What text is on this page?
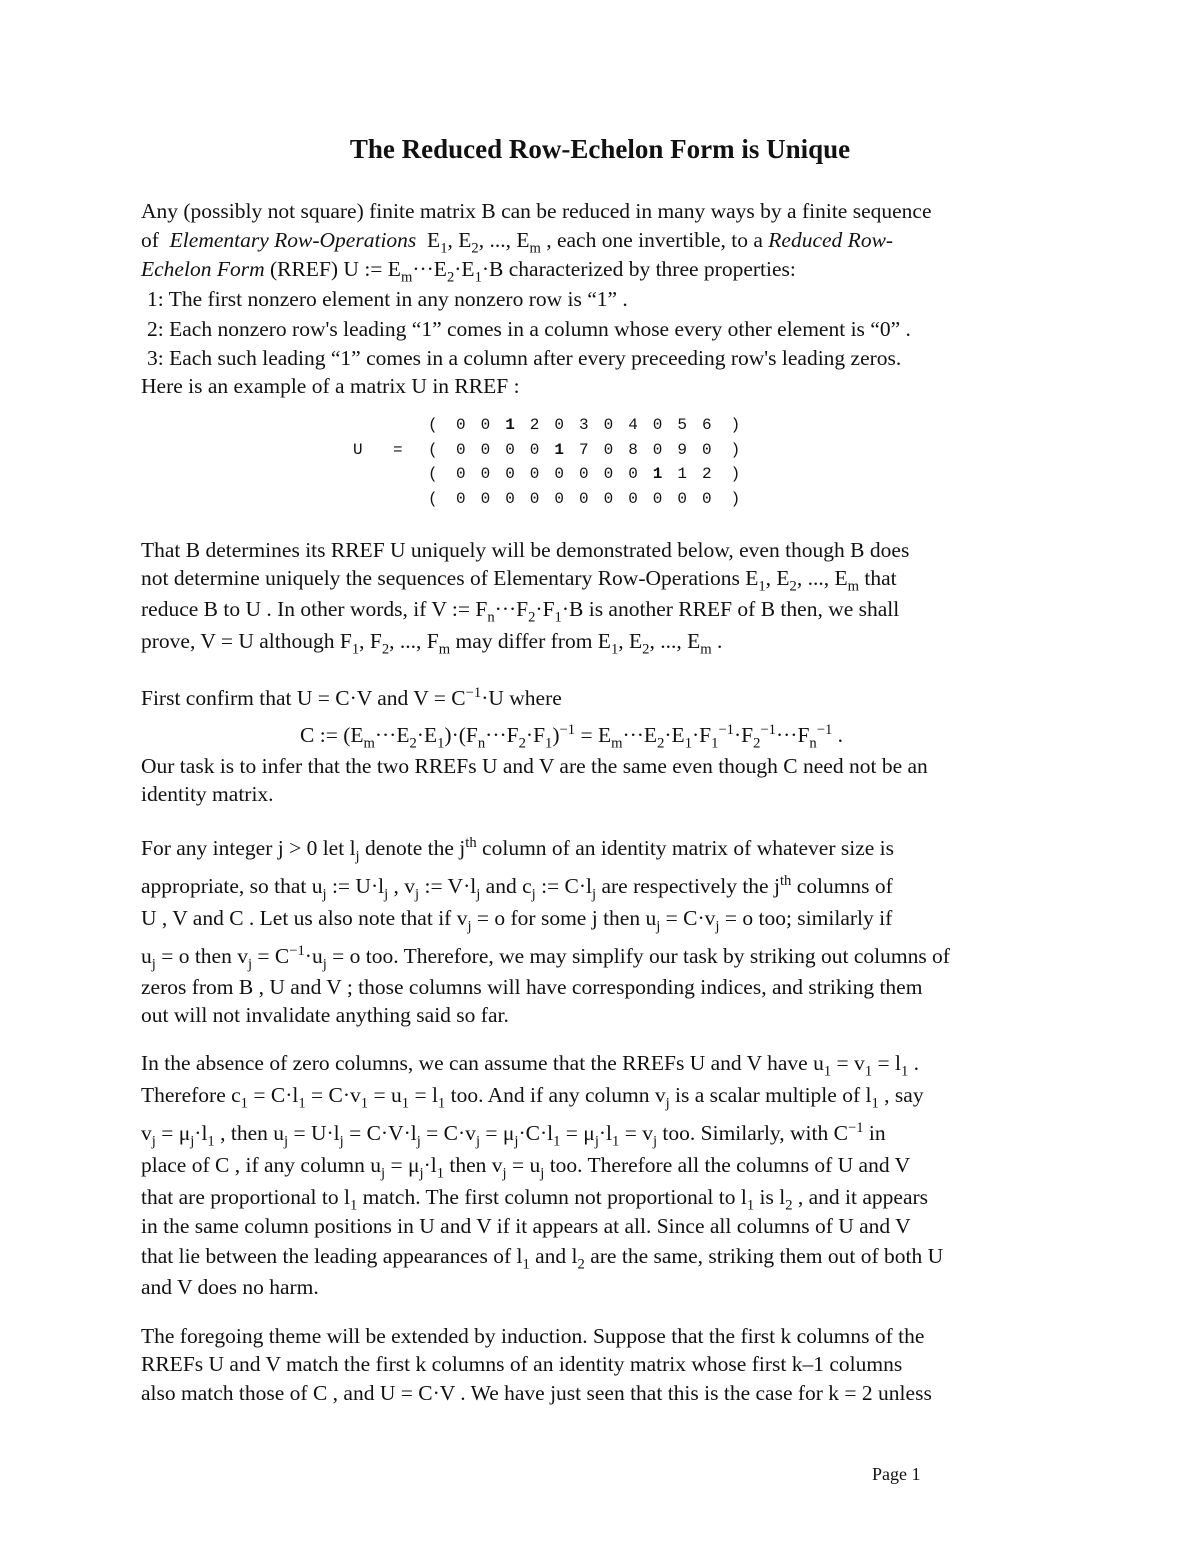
The Reduced Row-Echelon Form is Unique
Any (possibly not square) finite matrix B can be reduced in many ways by a finite sequence
of Elementary Row-Operations $E_1$, $E_2$, ..., $E_m$ , each one invertible, to a Reduced Row-
Echelon Form (RREF) U := $E_m\cdot\cdot\cdot E_2\cdot E_1\cdot B$ characterized by three properties:
1: The first nonzero element in any nonzero row is “1” .
2: Each nonzero row's leading “1” comes in a column whose every other element is “0” .
3: Each such leading “1” comes in a column after every preceeding row's leading zeros.
Here is an example of a matrix U in RREF :
U =
( 0 0 1 2 0 3 0 4 0 5 6 )
( 0 0 0 0 1 7 0 8 0 9 0 )
( 0 0 0 0 0 0 0 0 1 1 2 )
( 0 0 0 0 0 0 0 0 0 0 0 )
That B determines its RREF U uniquely will be demonstrated below, even though B does
not determine uniquely the sequences of Elementary Row-Operations $E_1$, $E_2$, ..., $E_m$ that
reduce B to U . In other words, if V := $F_n\cdot\cdot\cdot F_2\cdot F_1\cdot B$ is another RREF of B then, we shall
prove, V = U although $F_1$, $F_2$, ..., $F_m$ may differ from $E_1$, $E_2$, ..., $E_m$ .
First confirm that U = C·V and $V = C^{-1}\cdot U$ where
C := $(E_m\cdot\cdot\cdot E_2\cdot E_1)\cdot(F_n\cdot\cdot\cdot F_2\cdot F_1)^{-1} = E_m\cdot\cdot\cdot E_2\cdot E_1\cdot F_1^{-1}\cdot F_2^{-1}\cdot\cdot\cdot F_n^{-1}$ .
Our task is to infer that the two RREFs U and V are the same even though C need not be an
identity matrix.
For any integer j > 0 let $l_j$ denote the $j^{th}$ column of an identity matrix of whatever size is
appropriate, so that $u_j$ := $U\cdot l_j$ , $v_j$ := $V\cdot l_j$ and $c_j$ := $C\cdot l_j$ are respectively the $j^{th}$ columns of
U , V and C . Let us also note that if $v_j = o$ for some j then $u_j = C\cdot v_j = o$ too; similarly if
$u_j = o$ then $v_j = C^{-1}\cdot u_j = o$ too. Therefore, we may simplify our task by striking out columns of
zeros from B , U and V ; those columns will have corresponding indices, and striking them
out will not invalidate anything said so far.
In the absence of zero columns, we can assume that the RREFs U and V have $u_1 = v_1 = l_1$ .
Therefore $c_1 = C\cdot l_1 = C\cdot v_1 = u_1 = l_1$ too. And if any column $v_j$ is a scalar multiple of $l_1$ , say
$v_j = \mu_j\cdot l_1$ , then $u_j = U\cdot l_j = C\cdot V\cdot l_j = C\cdot v_j = \mu_j\cdot C\cdot l_1 = \mu_j\cdot l_1 = v_j$ too. Similarly, with $C^{-1}$ in
place of C , if any column $u_j = \mu_j\cdot l_1$ then $v_j = u_j$ too. Therefore all the columns of U and V
that are proportional to $l_1$ match. The first column not proportional to $l_1$ is $l_2$ , and it appears
in the same column positions in U and V if it appears at all. Since all columns of U and V
that lie between the leading appearances of $l_1$ and $l_2$ are the same, striking them out of both U
and V does no harm.
The foregoing theme will be extended by induction. Suppose that the first k columns of the
RREFs U and V match the first k columns of an identity matrix whose first k–1 columns
also match those of C , and U = C·V . We have just seen that this is the case for k = 2 unless
Page 1
